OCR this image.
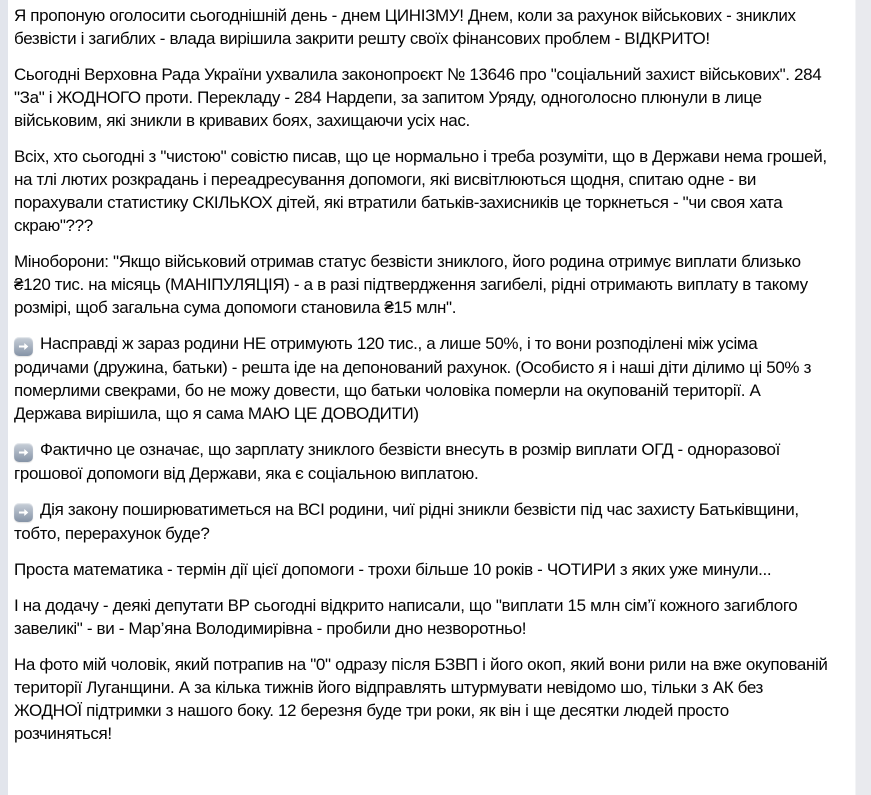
Я пропоную оголосити сьогоднішній день - днем ЦИНІЗМУ! Днем, коли за рахунок військових - зниклих безвісти і загиблих - влада вирішила закрити решту своїх фінансових проблем - ВІДКРИТО!

Сьогодні Верховна Рада України ухвалила законопроєкт № 13646 про "соціальний захист військових". 284 "За" і ЖОДНОГО проти. Перекладу - 284 Нардепи, за запитом Уряду, одноголосно плюнули в лице військовим, які зникли в кривавих боях, захищаючи усіх нас.

Всіх, хто сьогодні з "чистою" совістю писав, що це нормально і треба розуміти, що в Держави нема грошей, на тлі лютих розкрадань і переадресування допомоги, які висвітлюються щодня, спитаю одне - ви порахували статистику СКІЛЬКОХ дітей, які втратили батьків-захисників це торкнеться - "чи своя хата скраю"???

Міноборони: "Якщо військовий отримав статус безвісти зниклого, його родина отримує виплати близько ₴120 тис. на місяць (МАНІПУЛЯЦІЯ) - а в разі підтвердження загибелі, рідні отримають виплату в такому розмірі, щоб загальна сума допомоги становила ₴15 млн".

Насправді ж зараз родини НЕ отримують 120 тис., а лише 50%, і то вони розподілені між усіма родичами (дружина, батьки) - решта іде на депонований рахунок. (Особисто я і наші діти ділимо ці 50% з померлими свекрами, бо не можу довести, що батьки чоловіка померли на окупованій території. А Держава вирішила, що я сама МАЮ ЦЕ ДОВОДИТИ)

Фактично це означає, що зарплату зниклого безвісти внесуть в розмір виплати ОГД - одноразової грошової допомоги від Держави, яка є соціальною виплатою.

Дія закону поширюватиметься на ВСІ родини, чиї рідні зникли безвісти під час захисту Батьківщини, тобто, перерахунок буде?

Проста математика - термін дії цієї допомоги - трохи більше 10 років - ЧОТИРИ з яких уже минули...

І на додачу - деякі депутати ВР сьогодні відкрито написали, що "виплати 15 млн сім’ї кожного загиблого завеликі" - ви - Мар’яна Володимирівна - пробили дно незворотньо!

На фото мій чоловік, який потрапив на "0" одразу після БЗВП і його окоп, який вони рили на вже окупованій території Луганщини. А за кілька тижнів його відправлять штурмувати невідомо шо, тільки з АК без ЖОДНОЇ підтримки з нашого боку. 12 березня буде три роки, як він і ще десятки людей просто розчиняться!
